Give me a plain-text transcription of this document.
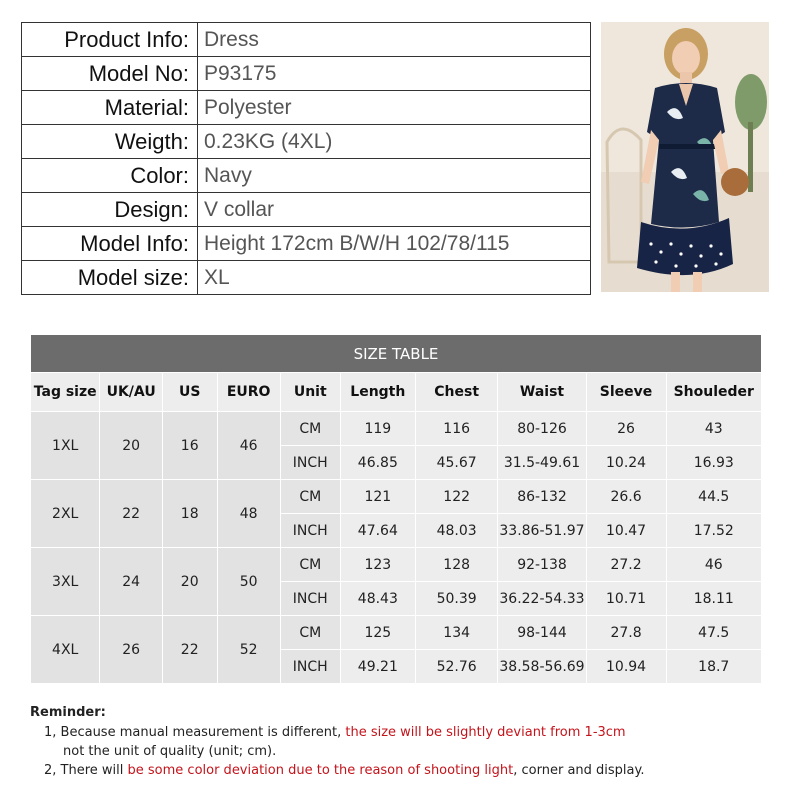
Product Info:	Dress
Model No:	P93175
Material:	Polyester
Weigth:	0.23KG (4XL)
Color:	Navy
Design:	V collar
Model Info:	Height 172cm B/W/H 102/78/115
Model size:	XL
SIZE TABLE									
Tag size	UK/AU	US	EURO	Unit	Length	Chest	Waist	Sleeve	Shouleder
1XL	20	16	46	CM	119	116	80-126	26	43
				INCH	46.85	45.67	31.5-49.61	10.24	16.93
2XL	22	18	48	CM	121	122	86-132	26.6	44.5
				INCH	47.64	48.03	33.86-51.97	10.47	17.52
3XL	24	20	50	CM	123	128	92-138	27.2	46
				INCH	48.43	50.39	36.22-54.33	10.71	18.11
4XL	26	22	52	CM	125	134	98-144	27.8	47.5
				INCH	49.21	52.76	38.58-56.69	10.94	18.7
Reminder:
1, Because manual measurement is different, the size will be slightly deviant from 1-3cm
not the unit of quality (unit; cm).
2, There will be some color deviation due to the reason of shooting light, corner and display.
